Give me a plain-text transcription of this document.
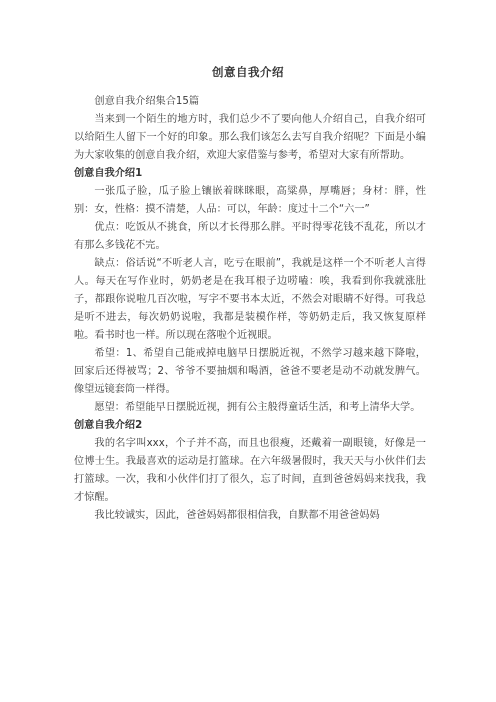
创意自我介绍

创意自我介绍集合15篇

当来到一个陌生的地方时，我们总少不了要向他人介绍自己，自我介绍可以给陌生人留下一个好的印象。那么我们该怎么去写自我介绍呢？下面是小编为大家收集的创意自我介绍，欢迎大家借鉴与参考，希望对大家有所帮助。

创意自我介绍1

一张瓜子脸，瓜子脸上镶嵌着眯眯眼，高粱鼻，厚嘴唇；身材：胖，性别：女，性格：摸不清楚，人品：可以，年龄：度过十二个“六一”

优点：吃饭从不挑食，所以才长得那么胖。平时得零花钱不乱花，所以才有那么多钱花不完。

缺点：俗话说“不听老人言，吃亏在眼前”，我就是这样一个不听老人言得人。每天在写作业时，奶奶老是在我耳根子边唠嗑：唉，我看到你我就涨肚子，都跟你说啦几百次啦，写字不要书本太近，不然会对眼睛不好得。可我总是听不进去，每次奶奶说啦，我都是装模作样，等奶奶走后，我又恢复原样啦。看书时也一样。所以现在落啦个近视眼。

希望：1、希望自己能戒掉电脑早日摆脱近视，不然学习越来越下降啦，回家后还得被骂；2、爷爷不要抽烟和喝酒，爸爸不要老是动不动就发脾气。像望远镜套筒一样得。

愿望：希望能早日摆脱近视，拥有公主般得童话生活，和考上清华大学。

创意自我介绍2

我的名字叫xxx，个子并不高，而且也很瘦，还戴着一副眼镜，好像是一位博士生。我最喜欢的运动是打篮球。在六年级暑假时，我天天与小伙伴们去打篮球。一次，我和小伙伴们打了很久，忘了时间，直到爸爸妈妈来找我，我才惊醒。

我比较诚实，因此，爸爸妈妈都很相信我，自默都不用爸爸妈妈
